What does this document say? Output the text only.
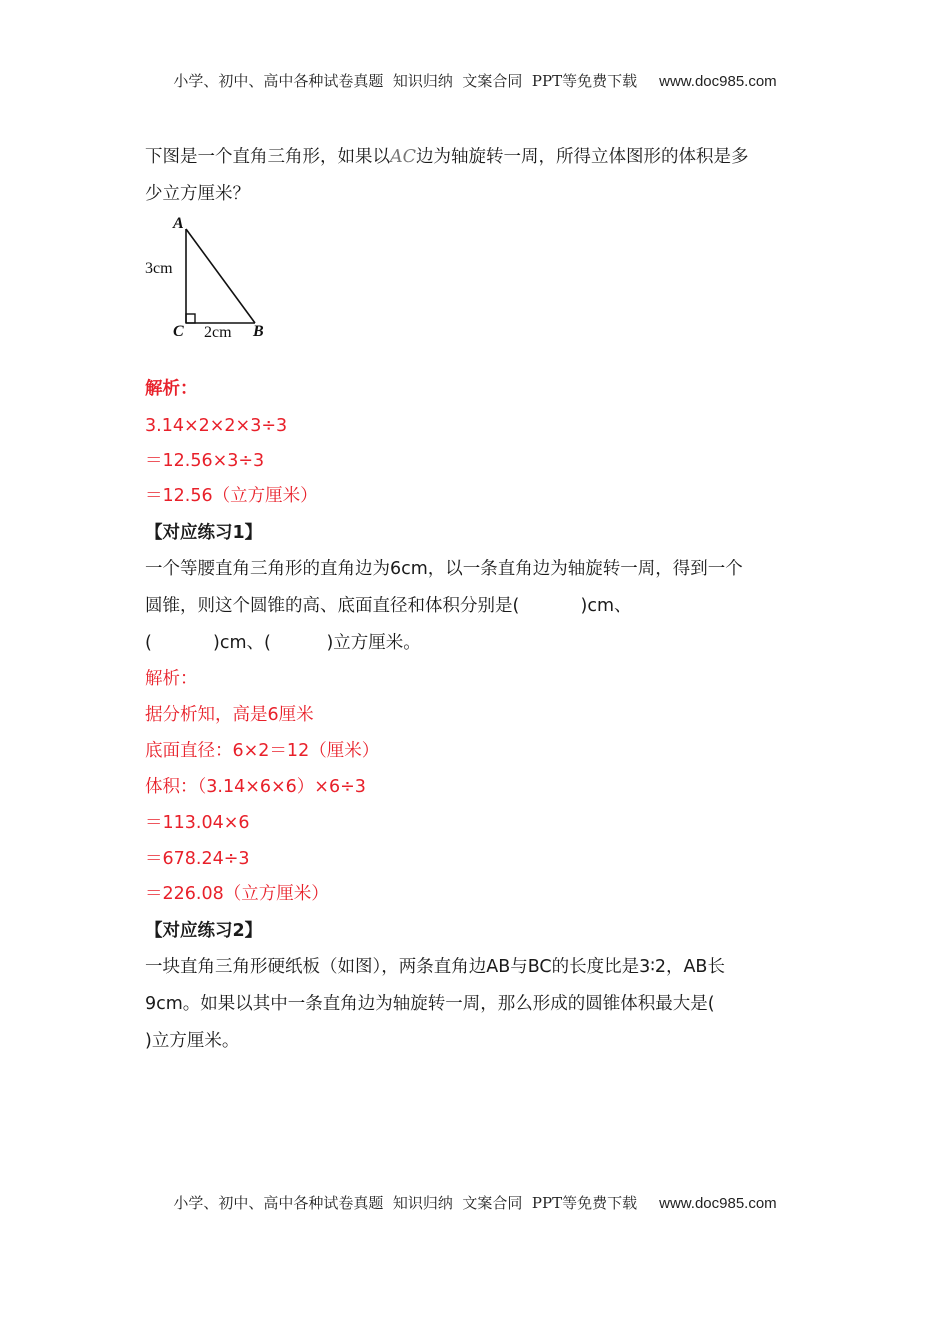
小学、初中、高中各种试卷真题  知识归纳  文案合同  PPT等免费下载 www.doc985.com
下图是一个直角三角形，如果以AC边为轴旋转一周，所得立体图形的体积是多
少立方厘米？
A
C	B
3cm
2cm
解析：
3.14×2×2×3÷3
＝12.56×3÷3
＝12.56（立方厘米）
【对应练习1】
一个等腰直角三角形的直角边为6cm，以一条直角边为轴旋转一周，得到一个
圆锥，则这个圆锥的高、底面直径和体积分别是(           )cm、
(           )cm、(          )立方厘米。
解析：
据分析知，高是6厘米
底面直径：6×2＝12（厘米）
体积：（3.14×6×6）×6÷3
＝113.04×6
＝678.24÷3
＝226.08（立方厘米）
【对应练习2】
一块直角三角形硬纸板（如图），两条直角边AB与BC的长度比是3∶2，AB长
9cm。如果以其中一条直角边为轴旋转一周，那么形成的圆锥体积最大是(
)立方厘米。
小学、初中、高中各种试卷真题  知识归纳  文案合同  PPT等免费下载 www.doc985.com
